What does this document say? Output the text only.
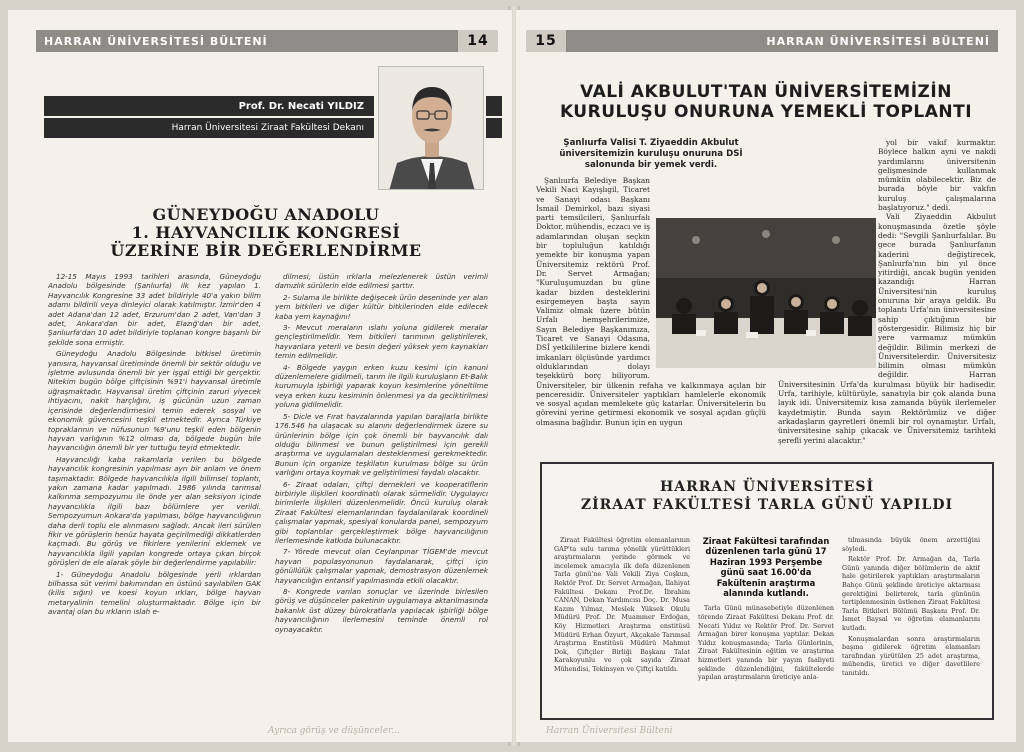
HARRAN ÜNİVERSİTESİ BÜLTENİ	14
Prof. Dr. Necati YILDIZ
Harran Üniversitesi Ziraat Fakültesi Dekanı
GÜNEYDOĞU ANADOLU
1. HAYVANCILIK KONGRESİ
ÜZERİNE BİR DEĞERLENDİRME

12-15 Mayıs 1993 tarihleri arasında, Güneydoğu Anadolu bölgesinde (Şanlıurfa) ilk kez yapılan 1. Hayvancılık Kongresine 33 adet bildiriyle 40'a yakın bilim adamı bildirili veya dinleyici olarak katılmıştır. İzmir'den 4 adet Adana'dan 12 adet, Erzurum'dan 2 adet, Van'dan 3 adet, Ankara'dan bir adet, Elazığ'dan bir adet, Şanlıurfa'dan 10 adet bildiriyle toplanan kongre başarılı bir şekilde sona ermiştir.

Güneydoğu Anadolu Bölgesinde bitkisel üretimin yanısıra, hayvansal üretiminde önemli bir sektör olduğu ve işletme avlusunda önemli bir yer işgal ettiği bir gerçektir. Nitekim bugün bölge çiftçisinin %91'i hayvansal üretimle uğraşmaktadır. Hayvansal üretim çiftçinin zaruri yiyecek ihtiyacını, nakit harçlığını, iş gücünün uzun zaman içerisinde değerlendirmesini temin ederek sosyal ve ekonomik güvencesini teşkil etmektedir. Ayrıca Türkiye topraklarının ve nüfusunun %9'unu teşkil eden bölgenin hayvan varlığının %12 olması da, bölgede bugün bile hayvancılığın önemli bir yer tuttuğu teyid etmektedir.

Hayvancılığı kaba rakamlarla verilen bu bölgede hayvancılık kongresinin yapılması ayrı bir anlam ve önem taşımaktadır. Bölgede hayvancılıkla ilgili bilimsel toplantı, yakın zamana kadar yapılmadı. 1986 yılında tarımsal kalkınma sempozyumu ile önde yer alan seksiyon içinde hayvancılıkla ilgili bazı bölümlere yer verildi. Sempozyumun Ankara'da yapılması, bölge hayvancılığının daha derli toplu ele alınmasını sağladı. Ancak ileri sürülen fikir ve görüşlerin henüz hayata geçirilmediği dikkatlerden kaçmadı. Bu görüş ve fikirlere yenilerini eklemek ve hayvancılıkla ilgili yapılan kongrede ortaya çıkan birçok görüşleri de ele alarak şöyle bir değerlendirme yapılabilir:

1- Güneydoğu Anadolu bölgesinde yerli ırklardan bilhassa süt verimi bakımından en üstünü sayılabilen GAK (kilis sığırı) ve koesi koyun ırkları, bölge hayvan metaryalinin temelini oluşturmaktadır. Bölge için bir avantaj olan bu ırkların ıslah e-

dilmesi, üstün ırklarla melezlenerek üstün verimli damızlık sürülerin elde edilmesi şarttır.

2- Sulama ile birlikte değişecek ürün deseninde yer alan yem bitkileri ve diğer kültür bitkilerinden elde edilecek kaba yem kaynağını!

3- Mevcut meraların ıslahı yoluna gidilerek meralar gençleştirilmelidir. Yem bitkileri tarımının geliştirilerek, hayvanlara yeterli ve besin değeri yüksek yem kaynakları temin edilmelidir.

4- Bölgede yaygın erken kuzu kesimi için kanuni düzenlemelere gidilmeli, tarım ile ilgili kuruluşların Et-Balık kurumuyla işbirliği yaparak koyun kesimlerine yöneltilme veya erken kuzu kesiminin önlenmesi ya da geciktirilmesi yoluna gidilmelidir.

5- Dicle ve Fırat havzalarında yapılan barajlarla birlikte 176.546 ha ulaşacak su alanını değerlendirmek üzere su ürünlerinin bölge için çok önemli bir hayvancılık dalı olduğu bilinmesi ve bunun geliştirilmesi için gerekli araştırma ve uygulamaları desteklenmesi gerekmektedir. Bunun için organize teşkilatın kurulması bölge su ürün varlığını ortaya koymak ve geliştirilmesi faydalı olacaktır.

6- Ziraat odaları, çiftçi dernekleri ve kooperatiflerin birbiriyle ilişkileri koordinatlı olarak sürmelidir. Uygulayıcı birimlerle ilişkileri düzenlenmelidir. Öncü kuruluş olarak Ziraat Fakültesi elemanlarından faydalanılarak koordineli çalışmalar yapmak, spesiyal konularda panel, sempozyum gibi toplantılar gerçekleştirmek bölge hayvancılığının ilerlemesinde katkıda bulunacaktır.

7- Yörede mevcut olan Ceylanpınar TİGEM'de mevcut hayvan populasyonunun faydalanarak, çiftçi için gönüllülük çalışmalar yapmak, demostrasyon düzenlemek hayvancılığın entansif yapılmasında etkili olacaktır.

8- Kongrede varılan sonuçlar ve üzerinde birlesilen görüş ve düşünceler paketinin uygulamaya aktarılmasında bakanlık üst düzey bürokratlarla yapılacak işbirliği bölge hayvancılığının ilerlemesini teminde önemli rol oynayacaktır.

Ayrıca görüş ve düşünceler...
15	HARRAN ÜNİVERSİTESİ BÜLTENİ
VALİ AKBULUT'TAN ÜNİVERSİTEMİZİN
KURULUŞU ONURUNA YEMEKLİ TOPLANTI
Şanlıurfa Valisi T. Ziyaeddin Akbulut üniversitemizin kuruluşu onuruna DSİ salonunda bir yemek verdi.

Şanlıurfa Belediye Başkan Vekili Naci Kayışlıgil, Ticaret ve Sanayi odası Başkanı İsmail Demirkol, bazı siyasi parti temsilcileri, Şanlıurfalı Doktor, mühendis, eczacı ve iş adamlarından oluşan seçkin bir topluluğun katıldığı yemekte bir konuşma yapan Üniversitemiz rektörü Prof. Dr. Servet Armağan; "Kuruluşumuzdan bu güne kadar bizden desteklerini esirgemeyen başta sayın Valimiz olmak üzere bütün Urfalı hemşehrilerimize, Sayın Belediye Başkanımıza, Ticaret ve Sanayi Odasına, DSİ yetkililerine bizlere kendi imkanları ölçüsünde yardımcı olduklarından dolayı teşekkürü borç biliyorum. Üniversiteler, bir ülkenin refaha ve kalkınmaya açılan bir penceresidir. Üniversiteler yaptıkları hamlelerle ekonomik ve sosyal açıdan memlekete güç katarlar. Üniversitelerin bu görevini yerine getirmesi ekonomik ve sosyal açıdan güçlü olmasına bağlıdır. Bunun için en uygun

yol bir vakıf kurmaktır. Böylece halkın ayni ve nakdi yardımlarını üniversitenin gelişmesinde kullanmak mümkün olabilecektir. Biz de burada böyle bir vakfın kuruluş çalışmalarına başlatıyoruz." dedi.

Vali Ziyaeddin Akbulut konuşmasında özetle şöyle dedi: "Sevgili Şanlıurfalılar. Bu gece burada Şanlıurfanın kaderini değiştirecek, Şanlıurfa'nın bin yıl önce yitirdiği, ancak bugün yeniden kazandığı Harran Üniversitesi'nin kuruluş onuruna bir araya geldik. Bu toplantı Urfa'nın üniversitesine sahip çıktığının bir göstergesidir. Bilimsiz hiç bir yere varmamız mümkün değildir. Bilimin merkezi de Üniversitelerdir. Üniversitesiz bilimin olması mümkün değildir. Harran Üniversitesinin Urfa'da kurulması büyük bir hadisedir. Urfa, tarihiyle, kültürüyle, sanatıyla bir çok alanda buna layık idi. Üniversitemiz kısa zamanda büyük ilerlemeler kaydetmiştir. Bunda sayın Rektörümüz ve diğer arkadaşların gayretleri önemli bir rol oynamıştır. Urfalı, üniversitesine sahip çıkacak ve Üniversitemiz tarihteki şerefli yerini alacaktır."

HARRAN ÜNİVERSİTESİ
ZİRAAT FAKÜLTESİ TARLA GÜNÜ YAPILDI

Ziraat Fakültesi öğretim elemanlarının GAP'ta sulu tarıma yönelik yürüttükleri araştırmaların yerinde görmek ve incelemek amacıyla ilk defa düzenlenen Tarla günü'ne Vali Vekili Ziya Coşkun, Rektör Prof. Dr. Servet Armağan, İlahiyat Fakültesi Dekanı Prof.Dr. İbrahim CANAN, Dekan Yardımcısı Doç. Dr. Musa Kazım Yılmaz, Meslek Yüksek Okulu Müdürü Prof. Dr. Muammer Erdoğan, Köy Hizmetleri Araştırma enstitüsü Müdürü Erhan Özyurt, Akçakale Tarımsal Araştırma Enstitüsü Müdürü Mahmut Dok, Çiftçiler Birliği Başkanı Talat Karakoyunlu ve çok sayıda Ziraat Mühendisi, Tekinsyen ve Çiftçi katıldı.

Ziraat Fakültesi tarafından düzenlenen tarla günü 17 Haziran 1993 Perşembe günü saat 16.00'da Fakültenin araştırma alanında kutlandı.

Tarla Günü münasebetiyle düzenlenen törende Ziraat Fakültesi Dekanı Prof. dr. Necati Yıldız ve Rektör Prof. Dr. Servet Armağan birer konuşma yaptılar. Dekan Yıldız konuşmasında; Tarla Günlerinin, Ziraat Fakültesinin eğitim ve araştırma hizmetleri yanında bir yayım faaliyeti şeklinde düzenlendiğini, fakültelerde yapılan araştırmaların üreticiye anla-

tılmasında büyük önem arzettiğini söyledi.

Rektör Prof. Dr. Armağan da, Tarla Günü yanında diğer bölümlerin de aktif hale getirilerek yaptıkları araştırmaların Bahçe Günü şeklinde üreticiye aktarması gerektiğini belirterek, tarla gününün tertiplenmesinin üstlenen Ziraat Fakültesi Tarla Bitkileri Bölümü Başkanı Prof. Dr. İsmet Baysal ve öğretim elamanlarını kutladı.

Konuşmalardan sonra araştırmaların başına gidilerek öğretim elamanları tarafından yürütülen 25 adet araştırma, mühendis, üretici ve diğer davetlilere tanıtıldı.

Harran Üniversitesi Bülteni
